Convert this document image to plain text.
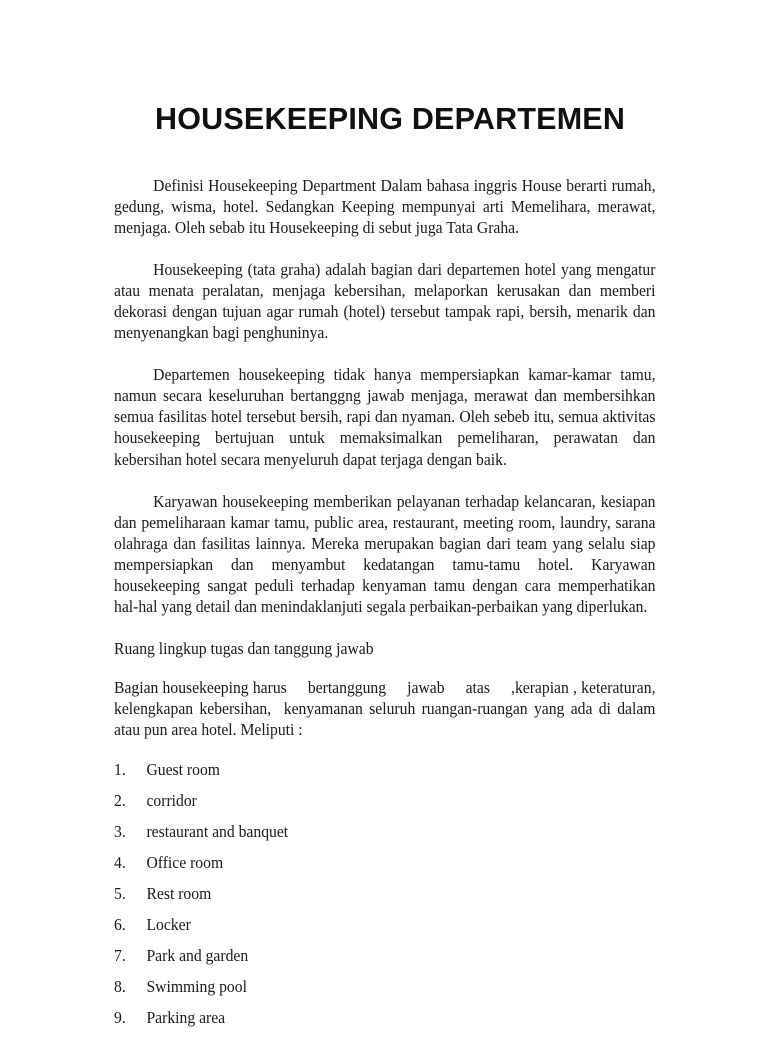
HOUSEKEEPING DEPARTEMEN

Definisi Housekeeping Department Dalam bahasa inggris House berarti rumah, gedung, wisma, hotel. Sedangkan Keeping mempunyai arti Memelihara, merawat, menjaga. Oleh sebab itu Housekeeping di sebut juga Tata Graha.

Housekeeping (tata graha) adalah bagian dari departemen hotel yang mengatur atau menata peralatan, menjaga kebersihan, melaporkan kerusakan dan memberi dekorasi dengan tujuan agar rumah (hotel) tersebut tampak rapi, bersih, menarik dan menyenangkan bagi penghuninya.

Departemen housekeeping tidak hanya mempersiapkan kamar-kamar tamu, namun secara keseluruhan bertanggng jawab menjaga, merawat dan membersihkan semua fasilitas hotel tersebut bersih, rapi dan nyaman. Oleh sebeb itu, semua aktivitas housekeeping bertujuan untuk memaksimalkan pemeliharan, perawatan dan kebersihan hotel secara menyeluruh dapat terjaga dengan baik.

Karyawan housekeeping memberikan pelayanan terhadap kelancaran, kesiapan dan pemeliharaan kamar tamu, public area, restaurant, meeting room, laundry, sarana olahraga dan fasilitas lainnya. Mereka merupakan bagian dari team yang selalu siap mempersiapkan dan menyambut kedatangan tamu-tamu hotel. Karyawan housekeeping sangat peduli terhadap kenyaman tamu dengan cara memperhatikan hal-hal yang detail dan menindaklanjuti segala perbaikan-perbaikan yang diperlukan.

Ruang lingkup tugas dan tanggung jawab

Bagian housekeeping harus     bertanggung     jawab     atas     ,kerapian , keteraturan, kelengkapan kebersihan,  kenyamanan seluruh ruangan-ruangan yang ada di dalam atau pun area hotel. Meliputi :

1.	Guest room
2.	corridor
3.	restaurant and banquet
4.	Office room
5.	Rest room
6.	Locker
7.	Park and garden
8.	Swimming pool
9.	Parking area
